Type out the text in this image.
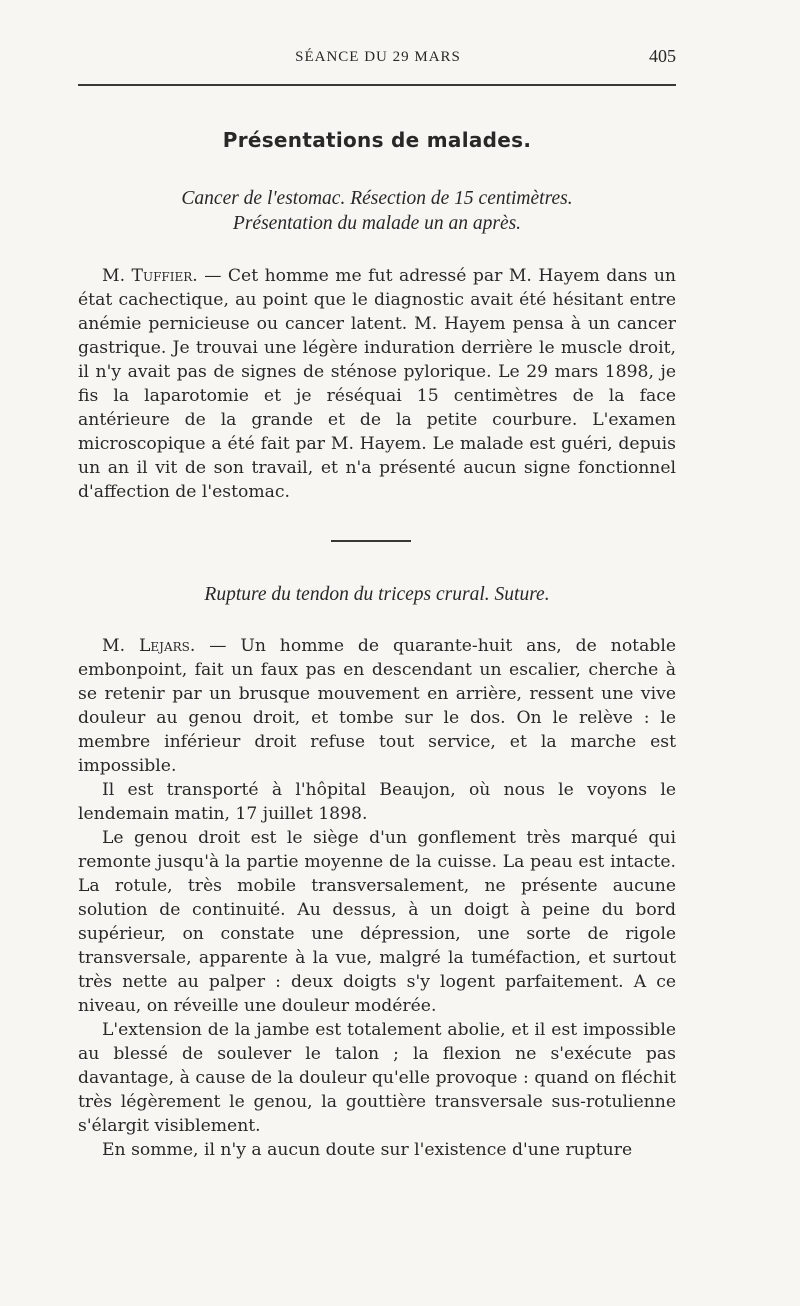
SÉANCE DU 29 MARS	405
Présentations de malades.
Cancer de l'estomac. Résection de 15 centimètres.
Présentation du malade un an après.

M. Tuffier. — Cet homme me fut adressé par M. Hayem dans un état cachectique, au point que le diagnostic avait été hésitant entre anémie pernicieuse ou cancer latent. M. Hayem pensa à un cancer gastrique. Je trouvai une légère induration derrière le muscle droit, il n'y avait pas de signes de sténose pylorique. Le 29 mars 1898, je fis la laparotomie et je réséquai 15 centimètres de la face antérieure de la grande et de la petite courbure. L'examen microscopique a été fait par M. Hayem. Le malade est guéri, depuis un an il vit de son travail, et n'a présenté aucun signe fonctionnel d'affection de l'estomac.

Rupture du tendon du triceps crural. Suture.

M. Lejars. — Un homme de quarante-huit ans, de notable embonpoint, fait un faux pas en descendant un escalier, cherche à se retenir par un brusque mouvement en arrière, ressent une vive douleur au genou droit, et tombe sur le dos. On le relève : le membre inférieur droit refuse tout service, et la marche est impossible.

Il est transporté à l'hôpital Beaujon, où nous le voyons le lendemain matin, 17 juillet 1898.

Le genou droit est le siège d'un gonflement très marqué qui remonte jusqu'à la partie moyenne de la cuisse. La peau est intacte. La rotule, très mobile transversalement, ne présente aucune solution de continuité. Au dessus, à un doigt à peine du bord supérieur, on constate une dépression, une sorte de rigole transversale, apparente à la vue, malgré la tuméfaction, et surtout très nette au palper : deux doigts s'y logent parfaitement. A ce niveau, on réveille une douleur modérée.

L'extension de la jambe est totalement abolie, et il est impossible au blessé de soulever le talon ; la flexion ne s'exécute pas davantage, à cause de la douleur qu'elle provoque : quand on fléchit très légèrement le genou, la gouttière transversale sus-rotulienne s'élargit visiblement.

En somme, il n'y a aucun doute sur l'existence d'une rupture
